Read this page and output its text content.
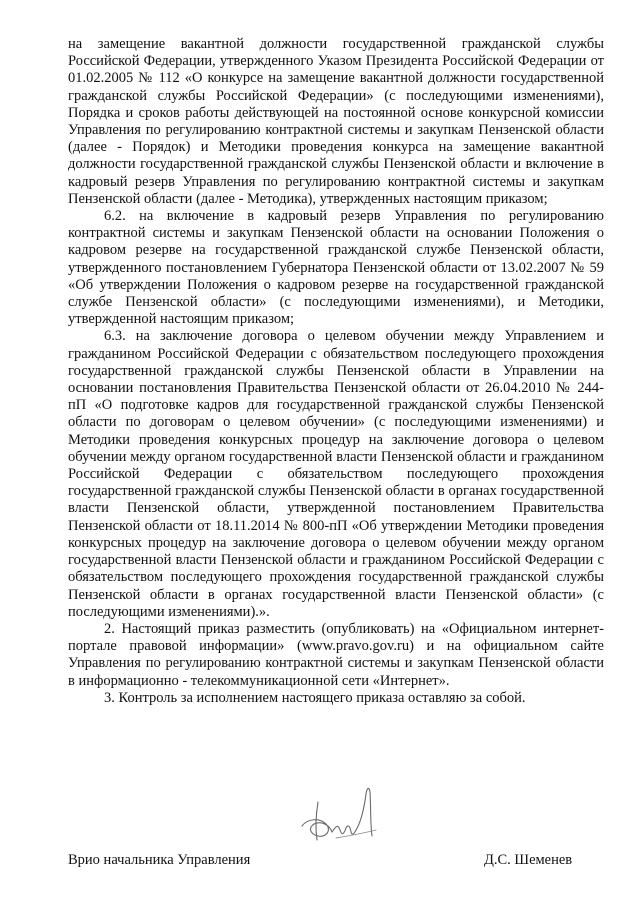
на замещение вакантной должности государственной гражданской службы Российской Федерации, утвержденного Указом Президента Российской Федерации от 01.02.2005 № 112 «О конкурсе на замещение вакантной должности государственной гражданской службы Российской Федерации» (с последующими изменениями), Порядка и сроков работы действующей на постоянной основе конкурсной комиссии Управления по регулированию контрактной системы и закупкам Пензенской области (далее - Порядок) и Методики проведения конкурса на замещение вакантной должности государственной гражданской службы Пензенской области и включение в кадровый резерв Управления по регулированию контрактной системы и закупкам Пензенской области (далее - Методика), утвержденных настоящим приказом;

6.2. на включение в кадровый резерв Управления по регулированию контрактной системы и закупкам Пензенской области на основании Положения о кадровом резерве на государственной гражданской службе Пензенской области, утвержденного постановлением Губернатора Пензенской области от 13.02.2007 № 59 «Об утверждении Положения о кадровом резерве на государственной гражданской службе Пензенской области» (с последующими изменениями), и Методики, утвержденной настоящим приказом;

6.3. на заключение договора о целевом обучении между Управлением и гражданином Российской Федерации с обязательством последующего прохождения государственной гражданской службы Пензенской области в Управлении на основании постановления Правительства Пензенской области от 26.04.2010 № 244-пП «О подготовке кадров для государственной гражданской службы Пензенской области по договорам о целевом обучении» (с последующими изменениями) и Методики проведения конкурсных процедур на заключение договора о целевом обучении между органом государственной власти Пензенской области и гражданином Российской Федерации с обязательством последующего прохождения государственной гражданской службы Пензенской области в органах государственной власти Пензенской области, утвержденной постановлением Правительства Пензенской области от 18.11.2014 № 800-пП «Об утверждении Методики проведения конкурсных процедур на заключение договора о целевом обучении между органом государственной власти Пензенской области и гражданином Российской Федерации с обязательством последующего прохождения государственной гражданской службы Пензенской области в органах государственной власти Пензенской области» (с последующими изменениями).».

2. Настоящий приказ разместить (опубликовать) на «Официальном интернет-портале правовой информации» (www.pravo.gov.ru) и на официальном сайте Управления по регулированию контрактной системы и закупкам Пензенской области в информационно - телекоммуникационной сети «Интернет».

3. Контроль за исполнением настоящего приказа оставляю за собой.

Врио начальника Управления	Д.С. Шеменев
